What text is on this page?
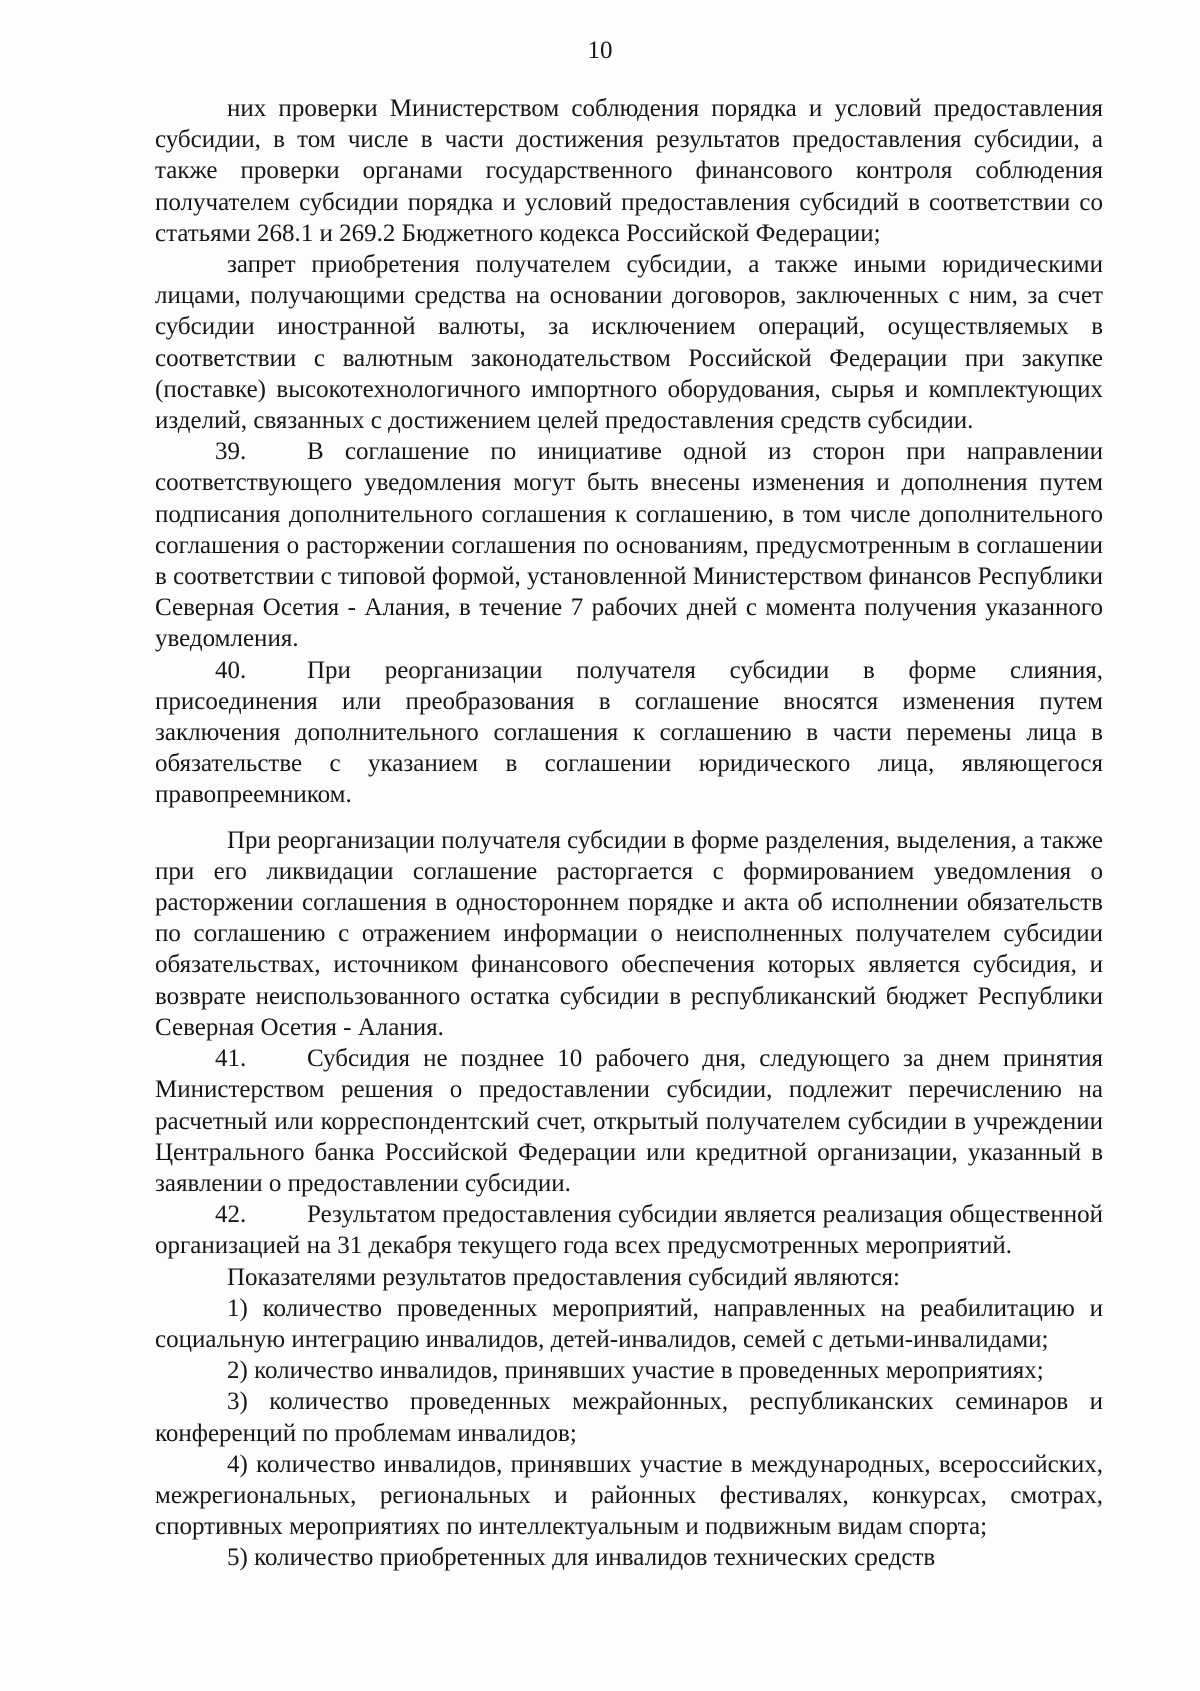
10

них проверки Министерством соблюдения порядка и условий предоставления субсидии, в том числе в части достижения результатов предоставления субсидии, а также проверки органами государственного финансового контроля соблюдения получателем субсидии порядка и условий предоставления субсидий в соответствии со статьями 268.1 и 269.2 Бюджетного кодекса Российской Федерации;

запрет приобретения получателем субсидии, а также иными юридическими лицами, получающими средства на основании договоров, заключенных с ним, за счет субсидии иностранной валюты, за исключением операций, осуществляемых в соответствии с валютным законодательством Российской Федерации при закупке (поставке) высокотехнологичного импортного оборудования, сырья и комплектующих изделий, связанных с достижением целей предоставления средств субсидии.

39. В соглашение по инициативе одной из сторон при направлении соответствующего уведомления могут быть внесены изменения и дополнения путем подписания дополнительного соглашения к соглашению, в том числе дополнительного соглашения о расторжении соглашения по основаниям, предусмотренным в соглашении в соответствии с типовой формой, установленной Министерством финансов Республики Северная Осетия - Алания, в течение 7 рабочих дней с момента получения указанного уведомления.

40. При реорганизации получателя субсидии в форме слияния, присоединения или преобразования в соглашение вносятся изменения путем заключения дополнительного соглашения к соглашению в части перемены лица в обязательстве с указанием в соглашении юридического лица, являющегося правопреемником.

При реорганизации получателя субсидии в форме разделения, выделения, а также при его ликвидации соглашение расторгается с формированием уведомления о расторжении соглашения в одностороннем порядке и акта об исполнении обязательств по соглашению с отражением информации о неисполненных получателем субсидии обязательствах, источником финансового обеспечения которых является субсидия, и возврате неиспользованного остатка субсидии в республиканский бюджет Республики Северная Осетия - Алания.

41. Субсидия не позднее 10 рабочего дня, следующего за днем принятия Министерством решения о предоставлении субсидии, подлежит перечислению на расчетный или корреспондентский счет, открытый получателем субсидии в учреждении Центрального банка Российской Федерации или кредитной организации, указанный в заявлении о предоставлении субсидии.

42. Результатом предоставления субсидии является реализация общественной организацией на 31 декабря текущего года всех предусмотренных мероприятий.

Показателями результатов предоставления субсидий являются:

1) количество проведенных мероприятий, направленных на реабилитацию и социальную интеграцию инвалидов, детей-инвалидов, семей с детьми-инвалидами;

2) количество инвалидов, принявших участие в проведенных мероприятиях;

3) количество проведенных межрайонных, республиканских семинаров и конференций по проблемам инвалидов;

4) количество инвалидов, принявших участие в международных, всероссийских, межрегиональных, региональных и районных фестивалях, конкурсах, смотрах, спортивных мероприятиях по интеллектуальным и подвижным видам спорта;

5) количество приобретенных для инвалидов технических средств
